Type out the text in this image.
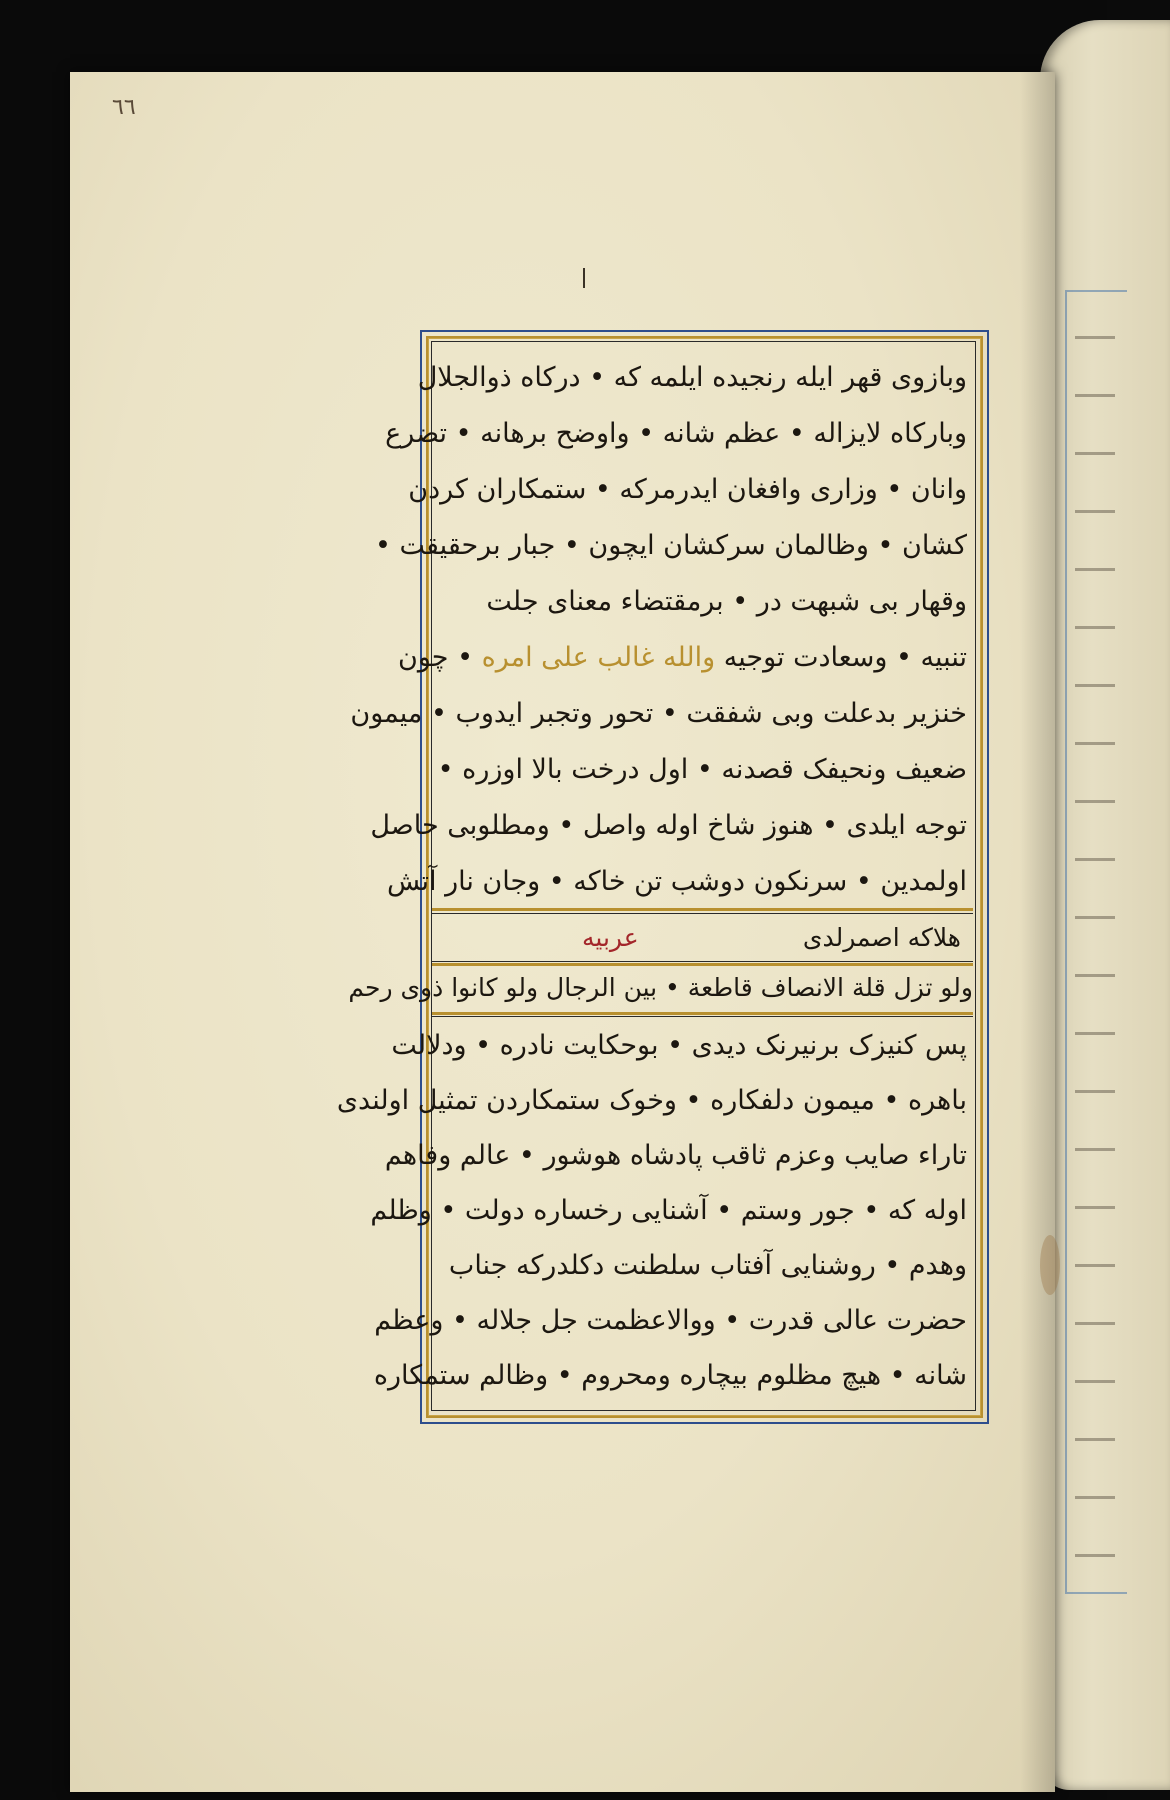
٦٦
وبازوی قهر ایله رنجیده ایلمه که • درکاه ذوالجلال
وبارکاه لایزاله • عظم شانه • واوضح برهانه • تضرع
وانان • وزاری وافغان ایدرمرکه • ستمکاران کردن
کشان • وظالمان سرکشان ایچون • جبار برحقیقت •
وقهار بی شبهت در • برمقتضاء معنای جلت
تنبیه • وسعادت توجیه والله غالب علی امره • چون
خنزیر بدعلت وبی شفقت • تحور وتجبر ایدوب • میمون
ضعیف ونحیفک قصدنه • اول درخت بالا اوزره •
توجه ایلدی • هنوز شاخ اوله واصل • ومطلوبی حاصل
اولمدین • سرنکون دوشب تن خاکه • وجان نار آتش
هلاکه اصمرلدی
عربیه
ولو تزل قلة الانصاف قاطعة • بین الرجال ولو کانوا ذوی رحم
پس کنیزک برنیرنک دیدی • بوحکایت نادره • ودلالت
باهره • میمون دلفکاره • وخوک ستمکاردن تمثیل اولندی
تاراء صایب وعزم ثاقب پادشاه هوشور • عالم وفاهم
اوله که • جور وستم • آشنایی رخساره دولت • وظلم
وهدم • روشنایی آفتاب سلطنت دکلدرکه جناب
حضرت عالی قدرت • ووالاعظمت جل جلاله • وعظم
شانه • هیچ مظلوم بیچاره ومحروم • وظالم ستمکاره
